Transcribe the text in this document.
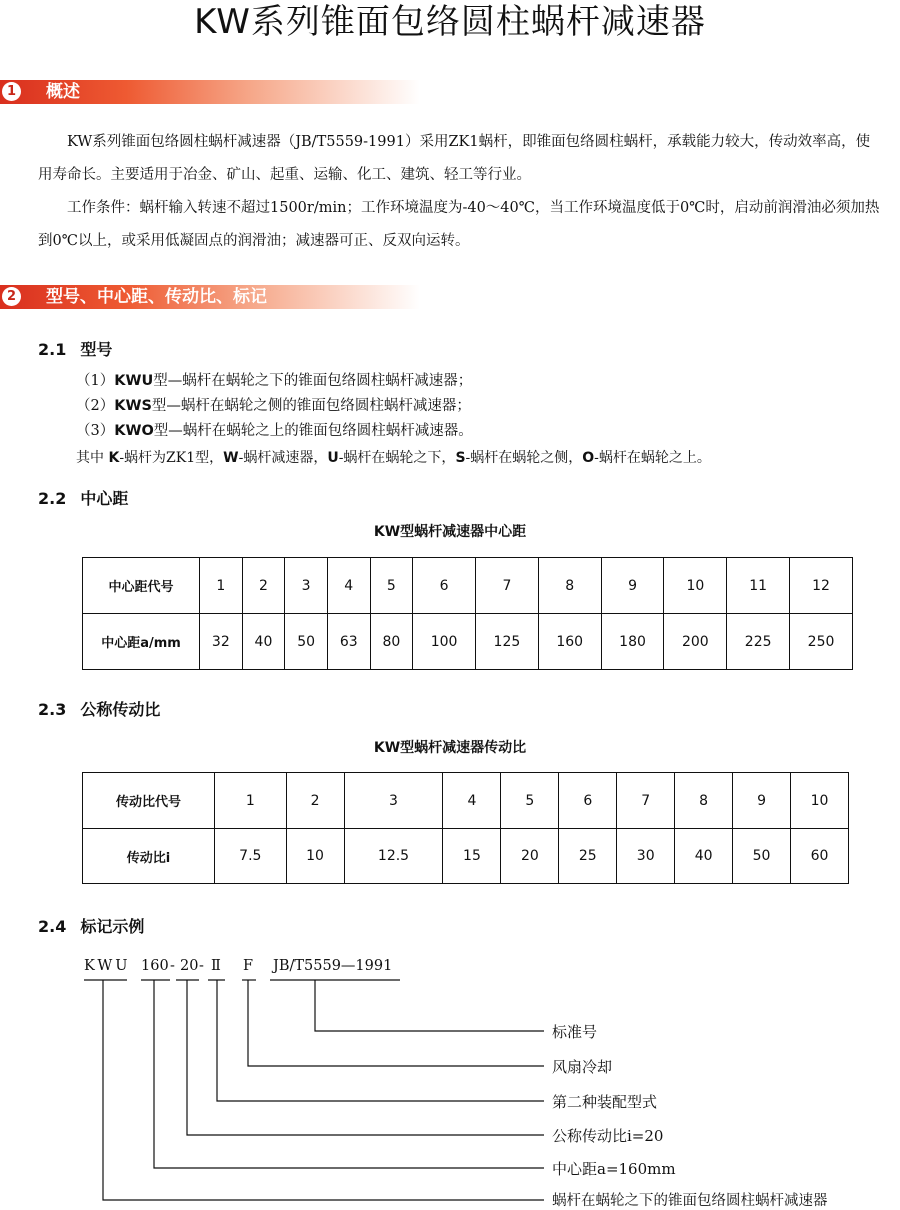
KW系列锥面包络圆柱蜗杆减速器
1 概述

KW系列锥面包络圆柱蜗杆减速器（JB/T5559-1991）采用ZK1蜗杆，即锥面包络圆柱蜗杆，承载能力较大，传动效率高，使用寿命长。主要适用于冶金、矿山、起重、运输、化工、建筑、轻工等行业。

工作条件：蜗杆输入转速不超过1500r/min；工作环境温度为-40～40℃，当工作环境温度低于0℃时，启动前润滑油必须加热到0℃以上，或采用低凝固点的润滑油；减速器可正、反双向运转。

2 型号、中心距、传动比、标记
2.1 型号
（1）KWU型—蜗杆在蜗轮之下的锥面包络圆柱蜗杆减速器；
（2）KWS型—蜗杆在蜗轮之侧的锥面包络圆柱蜗杆减速器；
（3）KWO型—蜗杆在蜗轮之上的锥面包络圆柱蜗杆减速器。
其中 K-蜗杆为ZK1型，W-蜗杆减速器，U-蜗杆在蜗轮之下，S-蜗杆在蜗轮之侧，O-蜗杆在蜗轮之上。
2.2 中心距
KW型蜗杆减速器中心距
中心距代号	1	2	3	4	5	6	7	8	9	10	11	12
中心距a/mm	32	40	50	63	80	100	125	160	180	200	225	250
2.3 公称传动比
KW型蜗杆减速器传动比
传动比代号	1	2	3	4	5	6	7	8	9	10
传动比i	7.5	10	12.5	15	20	25	30	40	50	60
2.4 标记示例
KWU 160 - 20 - Ⅱ F JB/T5559—1991
标准号
风扇冷却
第二种装配型式
公称传动比i=20
中心距a=160mm
蜗杆在蜗轮之下的锥面包络圆柱蜗杆减速器
